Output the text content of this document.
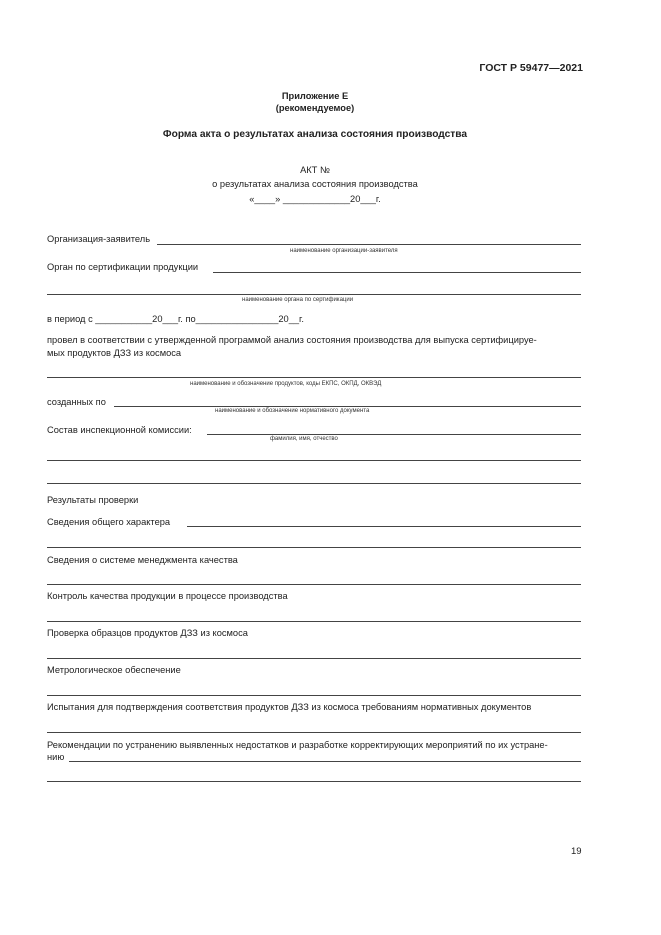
ГОСТ Р 59477—2021
Приложение Е
(рекомендуемое)
Форма акта о результатах анализа состояния производства
АКТ №
о результатах анализа состояния производства
«____» _____________20___г.
Организация-заявитель
наименование организации-заявителя
Орган по сертификации продукции
наименование органа по сертификации
в период с ___________20___г. по________________20__г.
провел в соответствии с утвержденной программой анализ состояния производства для выпуска сертифицируе-
мых продуктов ДЗЗ из космоса
наименование и обозначение продуктов, коды ЕКПС, ОКПД, ОКВЭД
созданных по
наименование и обозначение нормативного документа
Состав инспекционной комиссии:
фамилия, имя, отчество
Результаты проверки
Сведения общего характера
Сведения о системе менеджмента качества
Контроль качества продукции в процессе производства
Проверка образцов продуктов ДЗЗ из космоса
Метрологическое обеспечение
Испытания для подтверждения соответствия продуктов ДЗЗ из космоса требованиям нормативных документов
Рекомендации по устранению выявленных недостатков и разработке корректирующих мероприятий по их устране-
нию
19
